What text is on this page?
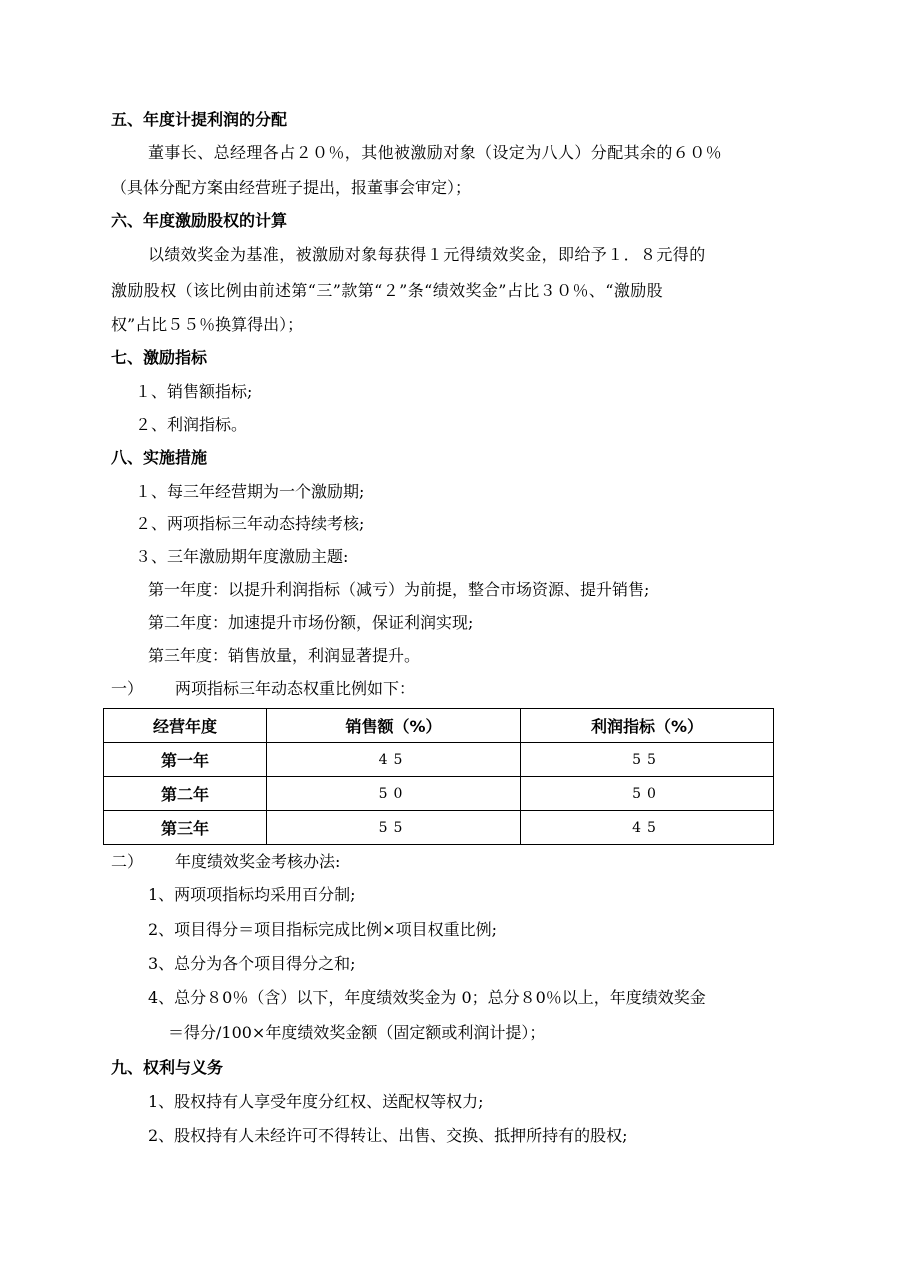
五、年度计提利润的分配
董事长、总经理各占２０％，其他被激励对象（设定为八人）分配其余的６０％
（具体分配方案由经营班子提出，报董事会审定）；
六、年度激励股权的计算
以绩效奖金为基准，被激励对象每获得１元得绩效奖金，即给予１．８元得的
激励股权（该比例由前述第“三”款第“２”条“绩效奖金”占比３０％、“激励股
权”占比５５％换算得出）；
七、激励指标
１、销售额指标;
２、利润指标。
八、实施措施
１、每三年经营期为一个激励期;
２、两项指标三年动态持续考核;
３、三年激励期年度激励主题:
第一年度：以提升利润指标（减亏）为前提，整合市场资源、提升销售;
第二年度：加速提升市场份额，保证利润实现;
第三年度：销售放量，利润显著提升。
一） 两项指标三年动态权重比例如下：
经营年度	销售额（%）	利润指标（%）
第一年	45	55
第二年	50	50
第三年	55	45
二） 年度绩效奖金考核办法:
1、两项项指标均采用百分制;
2、项目得分＝项目指标完成比例×项目权重比例;
3、总分为各个项目得分之和;
4、总分８0％（含）以下，年度绩效奖金为 0；总分８0％以上，年度绩效奖金
＝得分/100×年度绩效奖金额（固定额或利润计提）；
九、权利与义务
1、股权持有人享受年度分红权、送配权等权力;
2、股权持有人未经许可不得转让、出售、交换、抵押所持有的股权;
